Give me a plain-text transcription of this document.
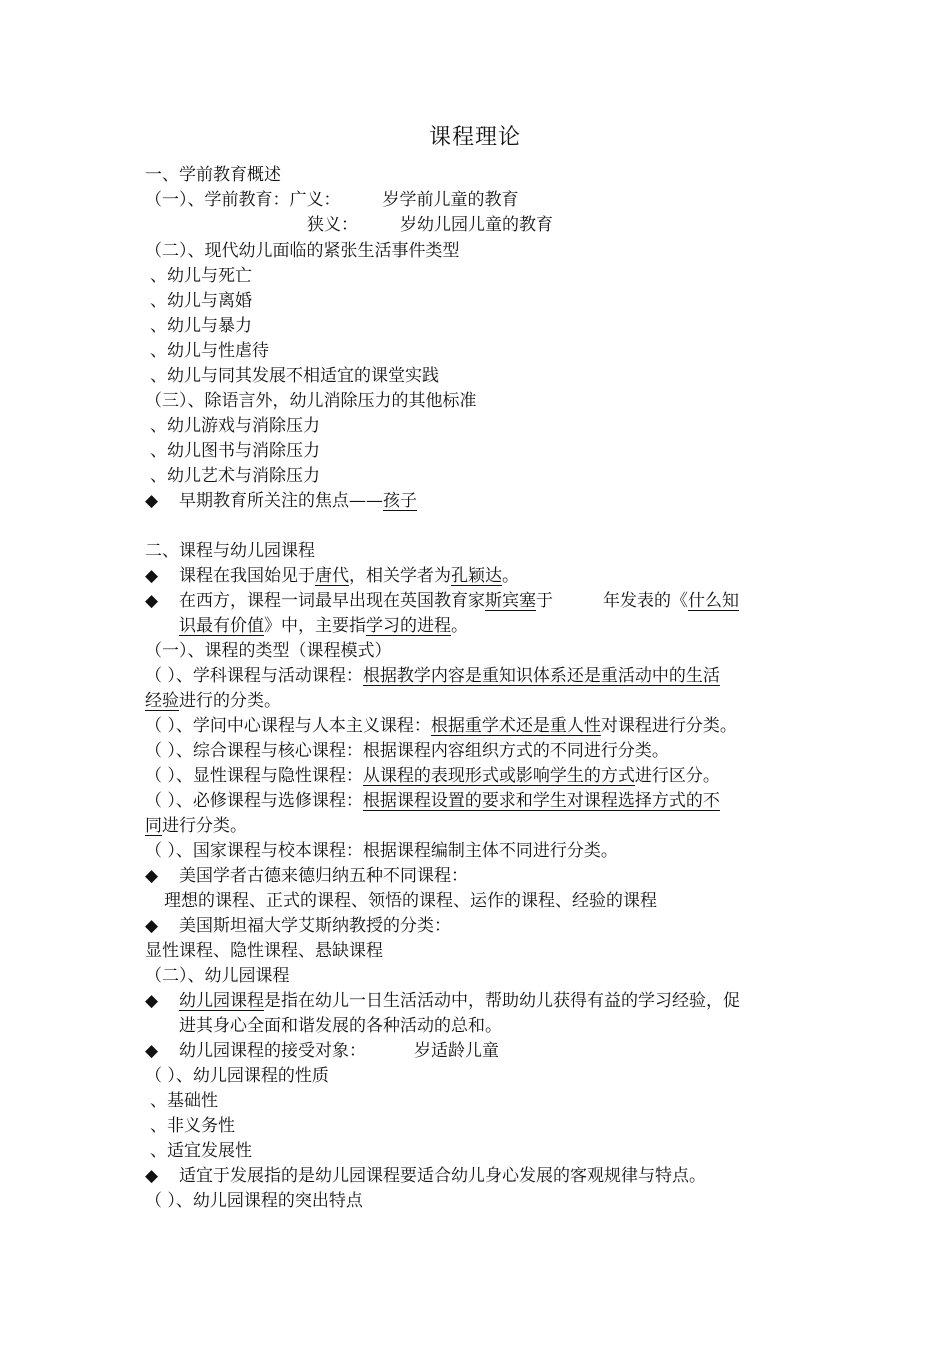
课程理论
一、学前教育概述
（一）、学前教育：广义： 岁学前儿童的教育
狭义： 岁幼儿园儿童的教育
（二）、现代幼儿面临的紧张生活事件类型
、幼儿与死亡
、幼儿与离婚
、幼儿与暴力
、幼儿与性虐待
、幼儿与同其发展不相适宜的课堂实践
（三）、除语言外，幼儿消除压力的其他标准
、幼儿游戏与消除压力
、幼儿图书与消除压力
、幼儿艺术与消除压力
◆ 早期教育所关注的焦点——孩子
二、课程与幼儿园课程
◆ 课程在我国始见于唐代，相关学者为孔颖达。
◆ 在西方，课程一词最早出现在英国教育家斯宾塞于	年发表的《什么知
识最有价值》中，主要指学习的进程。
（一）、课程的类型（课程模式）
（ ）、学科课程与活动课程：根据教学内容是重知识体系还是重活动中的生活
经验进行的分类。
（ ）、学问中心课程与人本主义课程：根据重学术还是重人性对课程进行分类。
（ ）、综合课程与核心课程：根据课程内容组织方式的不同进行分类。
（ ）、显性课程与隐性课程：从课程的表现形式或影响学生的方式进行区分。
（ ）、必修课程与选修课程：根据课程设置的要求和学生对课程选择方式的不
同进行分类。
（ ）、国家课程与校本课程：根据课程编制主体不同进行分类。
◆ 美国学者古德来德归纳五种不同课程：
理想的课程、正式的课程、领悟的课程、运作的课程、经验的课程
◆ 美国斯坦福大学艾斯纳教授的分类：
显性课程、隐性课程、悬缺课程
（二）、幼儿园课程
◆ 幼儿园课程是指在幼儿一日生活活动中，帮助幼儿获得有益的学习经验，促
进其身心全面和谐发展的各种活动的总和。
◆ 幼儿园课程的接受对象：	岁适龄儿童
（ ）、幼儿园课程的性质
、基础性
、非义务性
、适宜发展性
◆ 适宜于发展指的是幼儿园课程要适合幼儿身心发展的客观规律与特点。
（ ）、幼儿园课程的突出特点
